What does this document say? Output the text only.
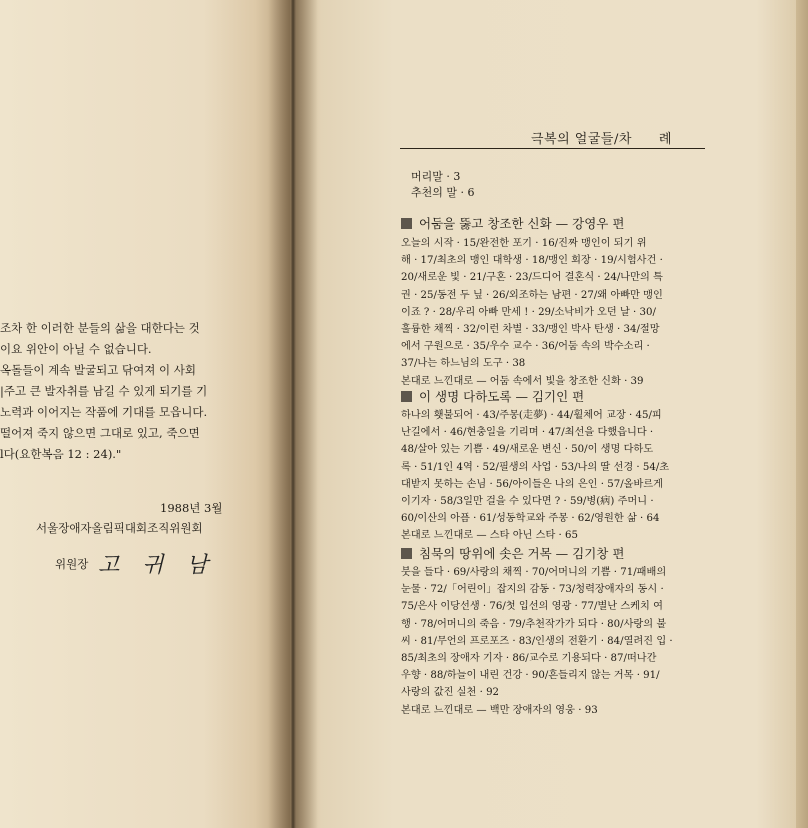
조차 한 이러한 분들의 삶을 대한다는 것
이요 위안이 아닐 수 없습니다.
옥돌들이 계속 발굴되고 닦여져 이 사회
|주고 큰 발자취를 남길 수 있게 되기를 기
노력과 이어지는 작품에 기대를 모읍니다.
떨어져 죽지 않으면 그대로 있고, 죽으면
l다(요한복음 12 : 24)."
1988년 3월
서울장애자올림픽대회조직위원회
위원장 고 귀 남
극복의 얼굴들/차　　례
머리말 · 3
추천의 말 · 6
어둠을 뚫고 창조한 신화 — 강영우 편
오늘의 시작 · 15/완전한 포기 · 16/진짜 맹인이 되기 위
해 · 17/최초의 맹인 대학생 · 18/맹인 회장 · 19/시험사건 ·
20/새로운 빛 · 21/구혼 · 23/드디어 결혼식 · 24/나만의 특
권 · 25/동전 두 닢 · 26/외조하는 남편 · 27/왜 아빠만 맹인
이죠 ? · 28/우리 아빠 만세 ! · 29/소낙비가 오던 날 · 30/
훌륭한 채찍 · 32/이런 차별 · 33/맹인 박사 탄생 · 34/절망
에서 구원으로 · 35/우수 교수 · 36/어둠 속의 박수소리 ·
37/나는 하느님의 도구 · 38
본대로 느낀대로 — 어둠 속에서 빛을 창조한 신화 · 39
이 생명 다하도록 — 김기인 편
하나의 횃불되어 · 43/주몽(走夢) · 44/휠체어 교장 · 45/피
난길에서 · 46/현충일을 기리며 · 47/최선을 다했읍니다 ·
48/살아 있는 기쁨 · 49/새로운 변신 · 50/이 생명 다하도
록 · 51/1인 4역 · 52/필생의 사업 · 53/나의 딸 선경 · 54/초
대받지 못하는 손님 · 56/아이들은 나의 은인 · 57/올바르게
이기자 · 58/3일만 걸을 수 있다면 ? · 59/병(病) 주머니 ·
60/이산의 아픔 · 61/성동학교와 주몽 · 62/영원한 삶 · 64
본대로 느낀대로 — 스타 아닌 스타 · 65
침묵의 땅위에 솟은 거목 — 김기창 편
붓을 들다 · 69/사랑의 채찍 · 70/어머니의 기쁨 · 71/패배의
눈물 · 72/「어린이」잡지의 감동 · 73/청력장애자의 동시 ·
75/은사 이당선생 · 76/첫 입선의 영광 · 77/별난 스케치 여
행 · 78/어머니의 죽음 · 79/추천작가가 되다 · 80/사랑의 불
씨 · 81/무언의 프로포즈 · 83/인생의 전환기 · 84/열려진 입 ·
85/최초의 장애자 기자 · 86/교수로 기용되다 · 87/떠나간
우향 · 88/하늘이 내린 건강 · 90/흔들리지 않는 거목 · 91/
사랑의 값진 실천 · 92
본대로 느낀대로 — 백만 장애자의 영웅 · 93
